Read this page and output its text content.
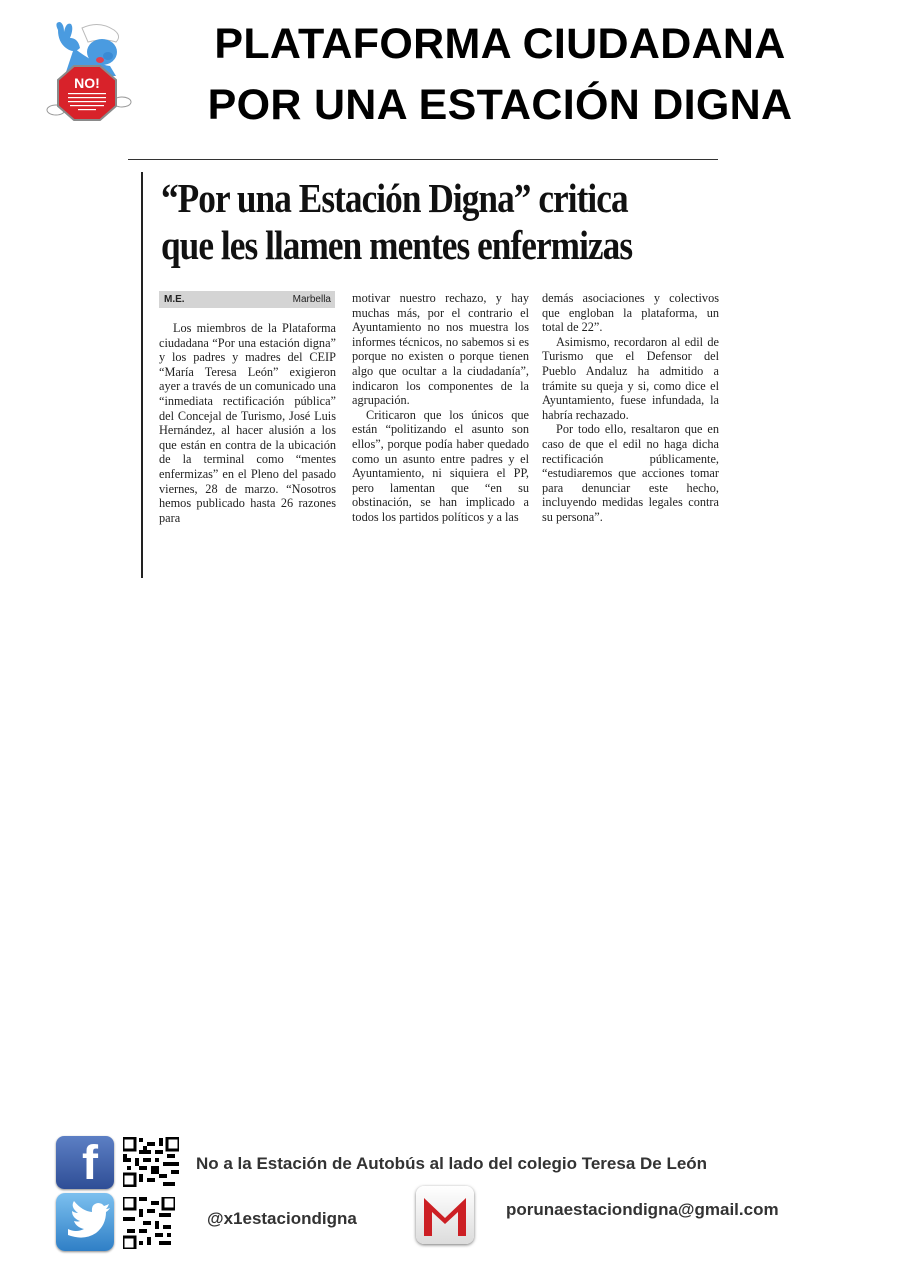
NO!
PLATAFORMA CIUDADANA
POR UNA ESTACIÓN DIGNA
“Por una Estación Digna” critica
que les llamen mentes enfermizas
M.E.	Marbella

Los miembros de la Plataforma ciudadana “Por una estación digna” y los padres y madres del CEIP “María Teresa León” exigieron ayer a través de un comunicado una “inmediata rectificación pública” del Concejal de Turismo, José Luis Hernández, al hacer alusión a los que están en contra de la ubicación de la terminal como “mentes enfermizas” en el Pleno del pasado viernes, 28 de marzo. “Nosotros hemos publicado hasta 26 razones para

motivar nuestro rechazo, y hay muchas más, por el contrario el Ayuntamiento no nos muestra los informes técnicos, no sabemos si es porque no existen o porque tienen algo que ocultar a la ciudadanía”, indicaron los componentes de la agrupación.

Criticaron que los únicos que están “politizando el asunto son ellos”, porque podía haber quedado como un asunto entre padres y el Ayuntamiento, ni siquiera el PP, pero lamentan que “en su obstinación, se han implicado a todos los partidos políticos y a las

demás asociaciones y colectivos que engloban la plataforma, un total de 22”.

Asimismo, recordaron al edil de Turismo que el Defensor del Pueblo Andaluz ha admitido a trámite su queja y si, como dice el Ayuntamiento, fuese infundada, la habría rechazado.

Por todo ello, resaltaron que en caso de que el edil no haga dicha rectificación públicamente, “estudiaremos que acciones tomar para denunciar este hecho, incluyendo medidas legales contra su persona”.

f	No a la Estación de Autobús al lado del colegio Teresa De León
@x1estaciondigna	porunaestaciondigna@gmail.com
